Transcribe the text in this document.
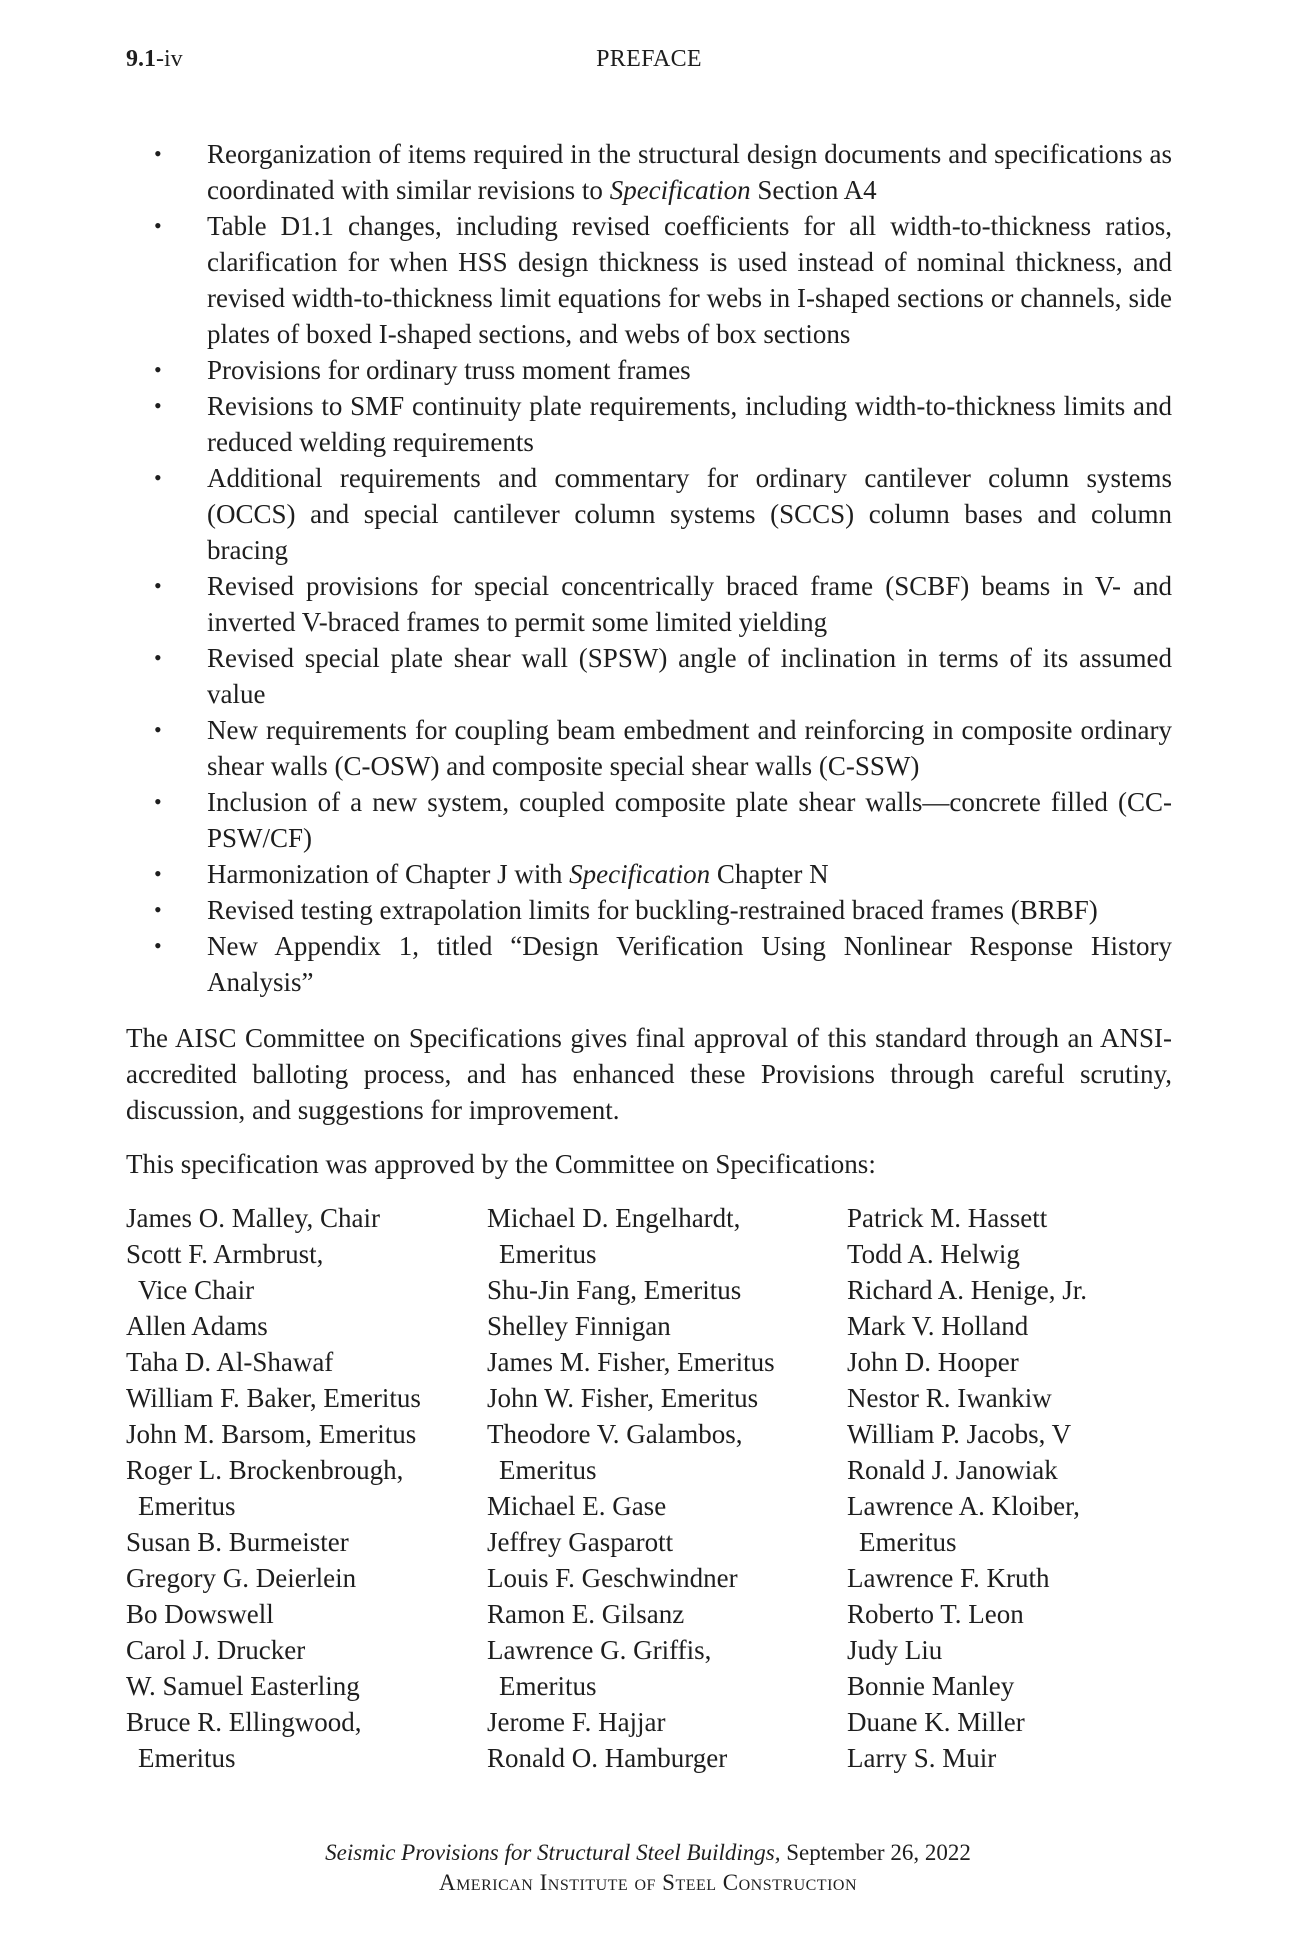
9.1-iv	PREFACE
• Reorganization of items required in the structural design documents and specifications as coordinated with similar revisions to Specification Section A4
• Table D1.1 changes, including revised coefficients for all width-to-thickness ratios, clarification for when HSS design thickness is used instead of nominal thickness, and revised width-to-thickness limit equations for webs in I-shaped sections or channels, side plates of boxed I-shaped sections, and webs of box sections
• Provisions for ordinary truss moment frames
• Revisions to SMF continuity plate requirements, including width-to-thickness limits and reduced welding requirements
• Additional requirements and commentary for ordinary cantilever column systems (OCCS) and special cantilever column systems (SCCS) column bases and column bracing
• Revised provisions for special concentrically braced frame (SCBF) beams in V- and inverted V-braced frames to permit some limited yielding
• Revised special plate shear wall (SPSW) angle of inclination in terms of its assumed value
• New requirements for coupling beam embedment and reinforcing in composite ordinary shear walls (C-OSW) and composite special shear walls (C-SSW)
• Inclusion of a new system, coupled composite plate shear walls—concrete filled (CC-PSW/CF)
• Harmonization of Chapter J with Specification Chapter N
• Revised testing extrapolation limits for buckling-restrained braced frames (BRBF)
• New Appendix 1, titled “Design Verification Using Nonlinear Response History Analysis”

The AISC Committee on Specifications gives final approval of this standard through an ANSI-accredited balloting process, and has enhanced these Provisions through careful scrutiny, discussion, and suggestions for improvement.

This specification was approved by the Committee on Specifications:

James O. Malley, Chair
Scott F. Armbrust,
Vice Chair
Allen Adams
Taha D. Al-Shawaf
William F. Baker, Emeritus
John M. Barsom, Emeritus
Roger L. Brockenbrough,
Emeritus
Susan B. Burmeister
Gregory G. Deierlein
Bo Dowswell
Carol J. Drucker
W. Samuel Easterling
Bruce R. Ellingwood,
Emeritus
Michael D. Engelhardt,
Emeritus
Shu-Jin Fang, Emeritus
Shelley Finnigan
James M. Fisher, Emeritus
John W. Fisher, Emeritus
Theodore V. Galambos,
Emeritus
Michael E. Gase
Jeffrey Gasparott
Louis F. Geschwindner
Ramon E. Gilsanz
Lawrence G. Griffis,
Emeritus
Jerome F. Hajjar
Ronald O. Hamburger
Patrick M. Hassett
Todd A. Helwig
Richard A. Henige, Jr.
Mark V. Holland
John D. Hooper
Nestor R. Iwankiw
William P. Jacobs, V
Ronald J. Janowiak
Lawrence A. Kloiber,
Emeritus
Lawrence F. Kruth
Roberto T. Leon
Judy Liu
Bonnie Manley
Duane K. Miller
Larry S. Muir
Seismic Provisions for Structural Steel Buildings, September 26, 2022
American Institute of Steel Construction
